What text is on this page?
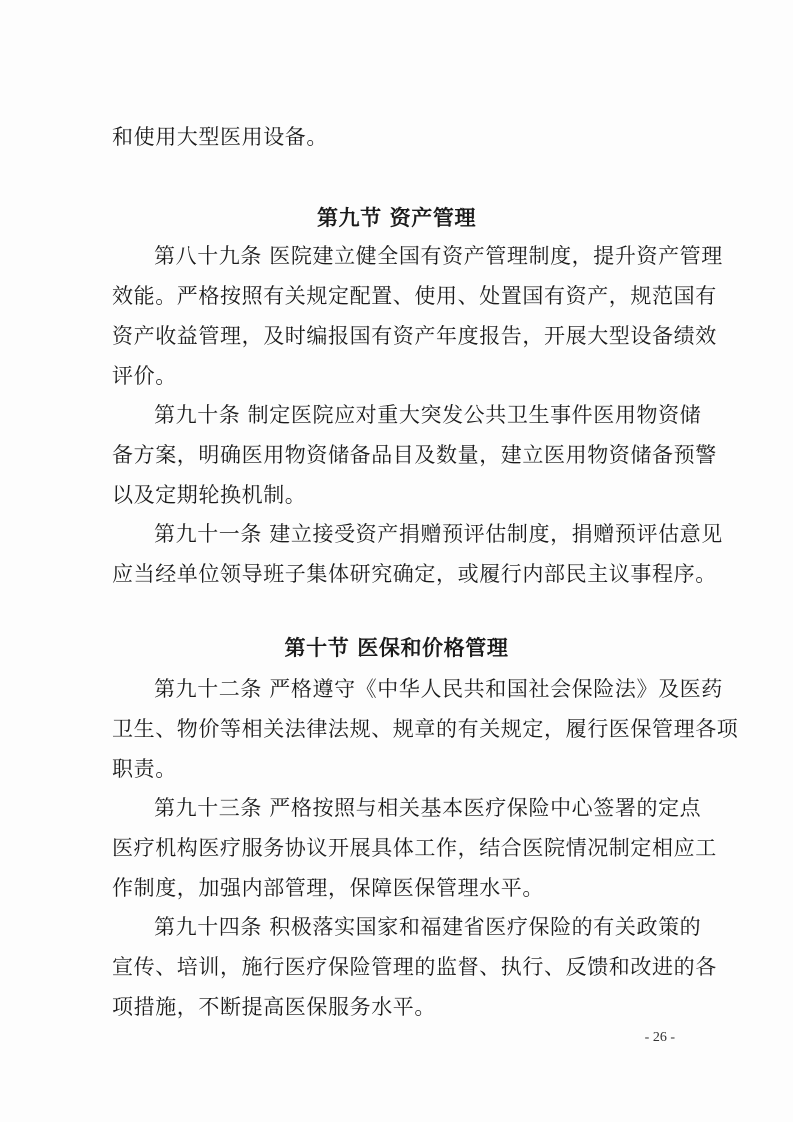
和使用大型医用设备。
第九节 资产管理
第八十九条 医院建立健全国有资产管理制度，提升资产管理
效能。严格按照有关规定配置、使用、处置国有资产，规范国有
资产收益管理，及时编报国有资产年度报告，开展大型设备绩效
评价。
第九十条 制定医院应对重大突发公共卫生事件医用物资储
备方案，明确医用物资储备品目及数量，建立医用物资储备预警
以及定期轮换机制。
第九十一条 建立接受资产捐赠预评估制度，捐赠预评估意见
应当经单位领导班子集体研究确定，或履行内部民主议事程序。
第十节 医保和价格管理
第九十二条 严格遵守《中华人民共和国社会保险法》及医药
卫生、物价等相关法律法规、规章的有关规定，履行医保管理各项
职责。
第九十三条 严格按照与相关基本医疗保险中心签署的定点
医疗机构医疗服务协议开展具体工作，结合医院情况制定相应工
作制度，加强内部管理，保障医保管理水平。
第九十四条 积极落实国家和福建省医疗保险的有关政策的
宣传、培训，施行医疗保险管理的监督、执行、反馈和改进的各
项措施，不断提高医保服务水平。
- 26 -
